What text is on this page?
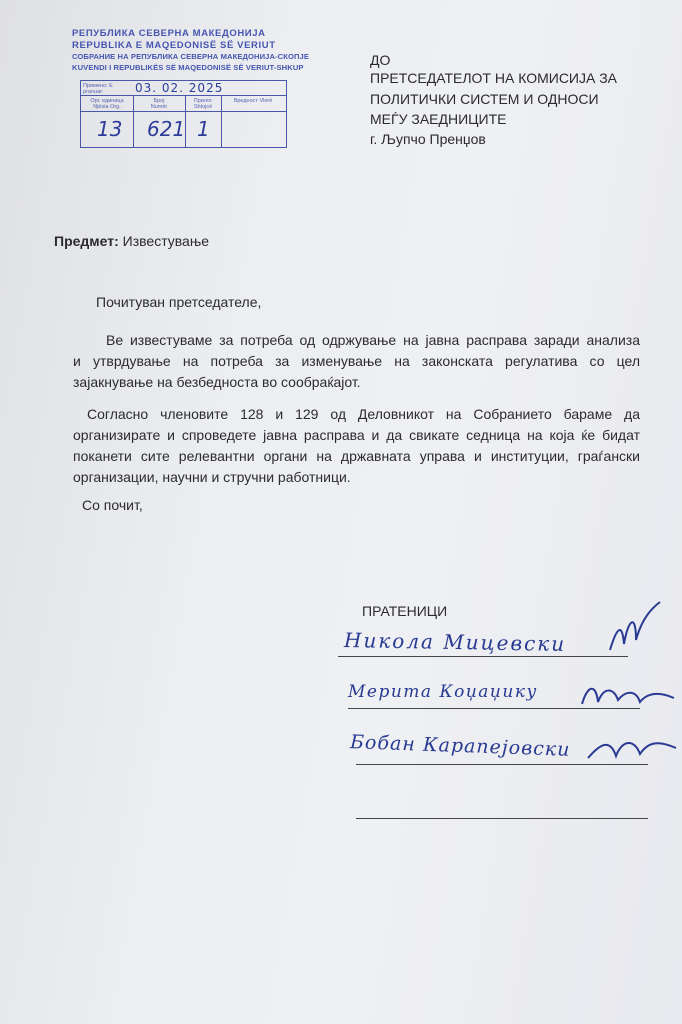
РЕПУБЛИКА СЕВЕРНА МАКЕДОНИЈА
REPUBLIKA E MAQEDONISË SË VERIUT
СОБРАНИЕ НА РЕПУБЛИКА СЕВЕРНА МАКЕДОНИЈА-СКОПЈЕ
KUVENDI I REPUBLIKËS SË MAQEDONISË SË VERIUT-SHKUP
Примено: E pranuar:	03. 02. 2025
Орг. единица Njësia Org.
Број Numër
Прилог Shtojcë
Вредност Vlerë
13 621 1
ДО
ПРЕТСЕДАТЕЛОТ НА КОМИСИЈА ЗА
ПОЛИТИЧКИ СИСТЕМ И ОДНОСИ
МЕЃУ ЗАЕДНИЦИТЕ
г. Љупчо Пренџов
Предмет: Известување
Почитуван претседателе,
Ве известуваме за потреба од одржување на јавна расправа заради анализа
и утврдување на потреба за изменување на законската регулатива со цел
зајакнување на безбедноста во сообраќајот.
Согласно членовите 128 и 129 од Деловникот на Собранието бараме да
организирате и спроведете јавна расправа и да свикате седница на која ќе бидат
поканети сите релевантни органи на државната управа и институции, граѓански
организации, научни и стручни работници.
Со почит,
ПРАТЕНИЦИ
Никола Мицевски
Мерита Коџаџику
Бобан Карапејовски
